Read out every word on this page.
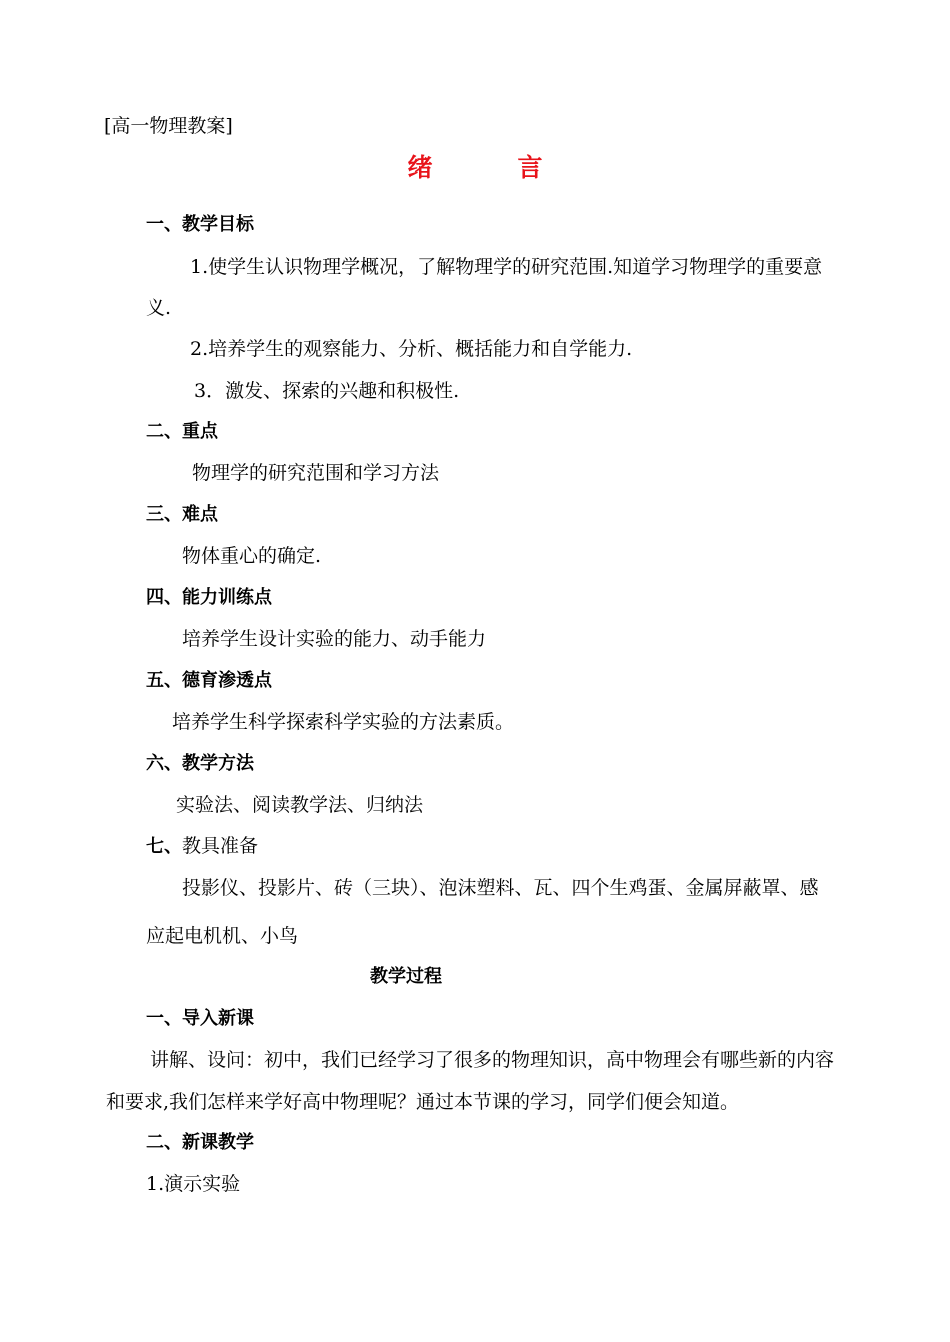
[高一物理教案]
绪　言
一、教学目标
1.使学生认识物理学概况，了解物理学的研究范围.知道学习物理学的重要意
义.
2.培养学生的观察能力、分析、概括能力和自学能力.
3．激发、探索的兴趣和积极性.
二、重点
物理学的研究范围和学习方法
三、难点
物体重心的确定.
四、能力训练点
培养学生设计实验的能力、动手能力
五、德育渗透点
培养学生科学探索科学实验的方法素质。
六、教学方法
实验法、阅读教学法、归纳法
七、教具准备
投影仪、投影片、砖（三块）、泡沫塑料、瓦、四个生鸡蛋、金属屏蔽罩、感
应起电机机、小鸟
教学过程
一、导入新课
讲解、设问：初中，我们已经学习了很多的物理知识，高中物理会有哪些新的内容
和要求,我们怎样来学好高中物理呢？通过本节课的学习，同学们便会知道。
二、新课教学
1.演示实验
